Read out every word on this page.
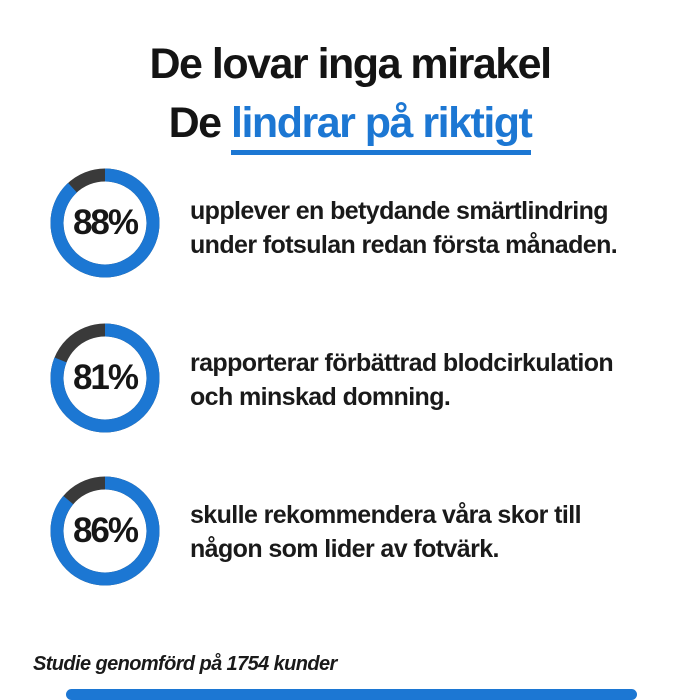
De lovar inga mirakel
De lindrar på riktigt
88%	upplever en betydande smärtlindring
under fotsulan redan första månaden.
81%	rapporterar förbättrad blodcirkulation
och minskad domning.
86%	skulle rekommendera våra skor till
någon som lider av fotvärk.
Studie genomförd på 1754 kunder
